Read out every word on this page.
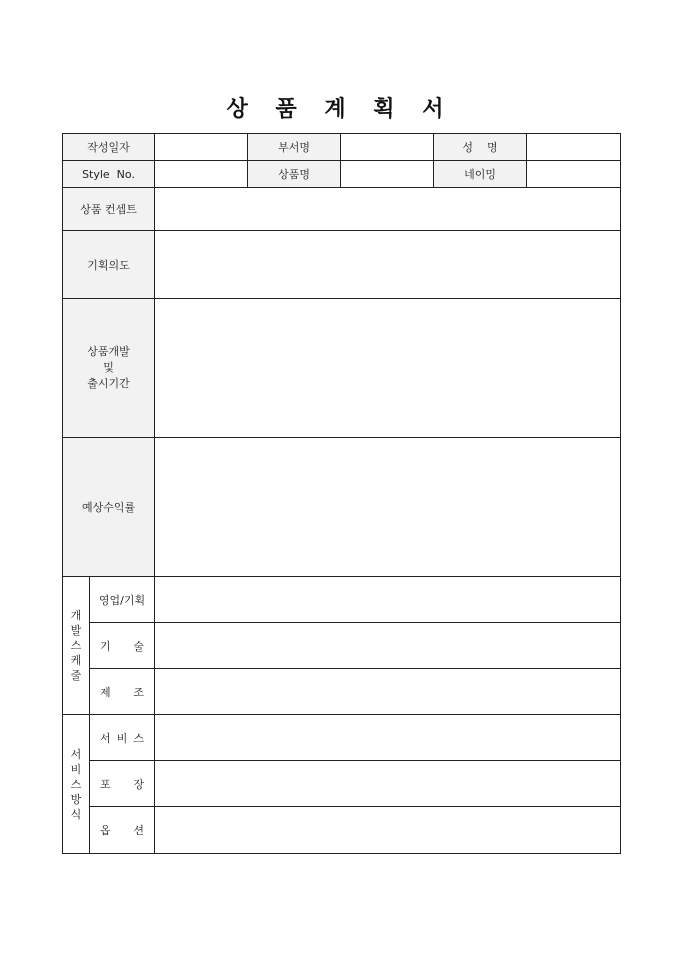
상 품 계 획 서
작성일자			부서명		성    명	
Style  No.			상품명		네이밍	
상품 컨셉트						
기획의도						

상품개발
및
출시기간						

예상수익률						

개
발
스
케
줄	영업/기획					

	기 술					

	제 조					

서
비
스
방
식	서 비 스					

	포 장					

	옵 션					
